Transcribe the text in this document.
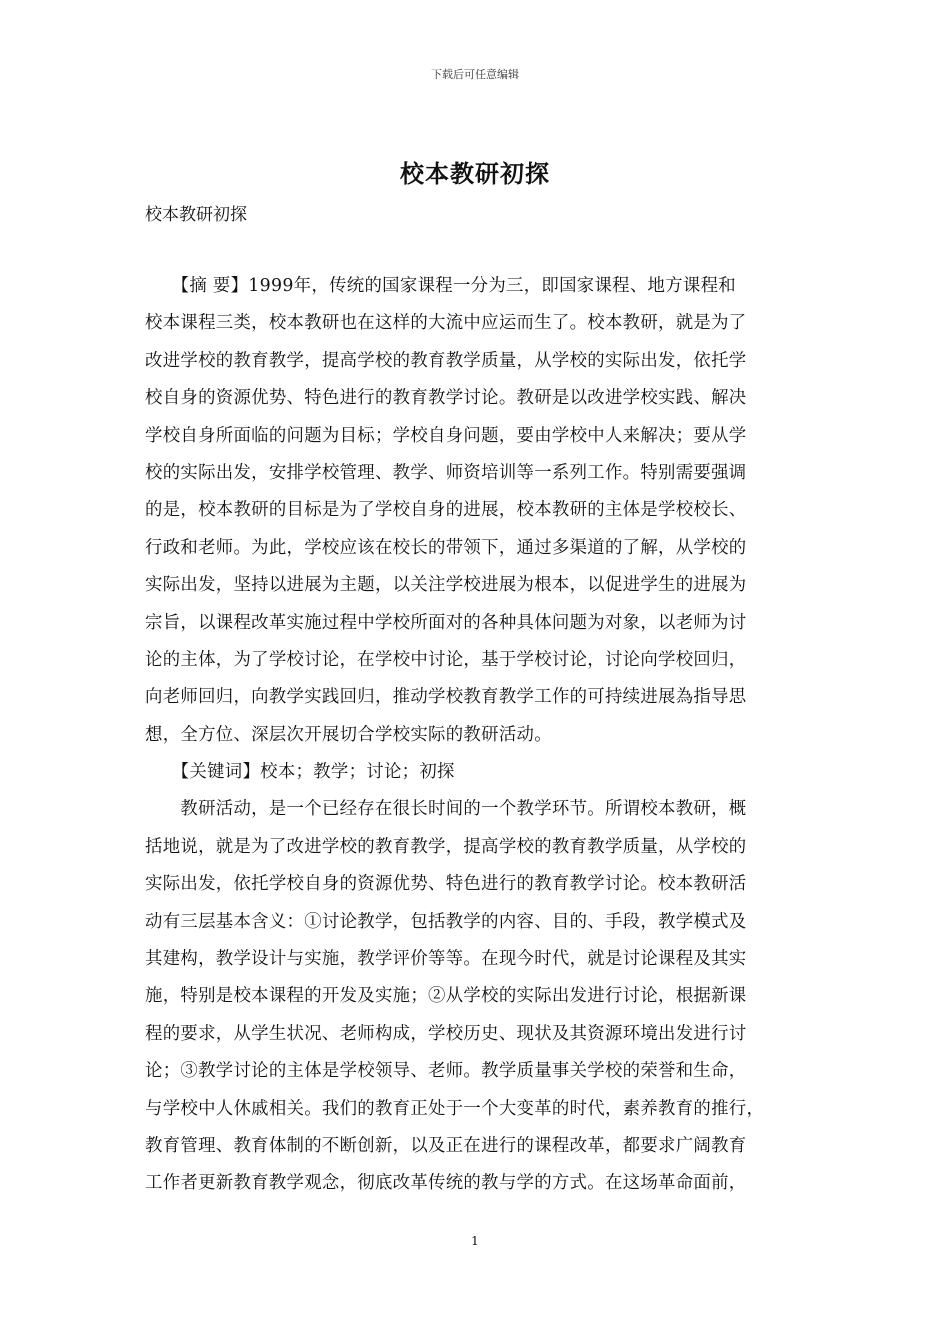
下载后可任意编辑
校本教研初探
校本教研初探
　　【摘 要】1999年，传统的国家课程一分为三，即国家课程、地方课程和
校本课程三类，校本教研也在这样的大流中应运而生了。校本教研，就是为了
改进学校的教育教学，提高学校的教育教学质量，从学校的实际出发，依托学
校自身的资源优势、特色进行的教育教学讨论。教研是以改进学校实践、解决
学校自身所面临的问题为目标；学校自身问题，要由学校中人来解决；要从学
校的实际出发，安排学校管理、教学、师资培训等一系列工作。特别需要强调
的是，校本教研的目标是为了学校自身的进展，校本教研的主体是学校校长、
行政和老师。为此，学校应该在校长的带领下，通过多渠道的了解，从学校的
实际出发，坚持以进展为主题，以关注学校进展为根本，以促进学生的进展为
宗旨，以课程改革实施过程中学校所面对的各种具体问题为对象，以老师为讨
论的主体，为了学校讨论，在学校中讨论，基于学校讨论，讨论向学校回归，
向老师回归，向教学实践回归，推动学校教育教学工作的可持续进展為指导思
想，全方位、深层次开展切合学校实际的教研活动。
　　【关键词】校本；教学；讨论；初探
　　教研活动，是一个已经存在很长时间的一个教学环节。所谓校本教研，概
括地说，就是为了改进学校的教育教学，提高学校的教育教学质量，从学校的
实际出发，依托学校自身的资源优势、特色进行的教育教学讨论。校本教研活
动有三层基本含义：①讨论教学，包括教学的内容、目的、手段，教学模式及
其建构，教学设计与实施，教学评价等等。在现今时代，就是讨论课程及其实
施，特别是校本课程的开发及实施；②从学校的实际出发进行讨论，根据新课
程的要求，从学生状况、老师构成，学校历史、现状及其资源环境出发进行讨
论；③教学讨论的主体是学校领导、老师。教学质量事关学校的荣誉和生命，
与学校中人休戚相关。我们的教育正处于一个大变革的时代，素养教育的推行，
教育管理、教育体制的不断创新，以及正在进行的课程改革，都要求广阔教育
工作者更新教育教学观念，彻底改革传统的教与学的方式。在这场革命面前，
1
